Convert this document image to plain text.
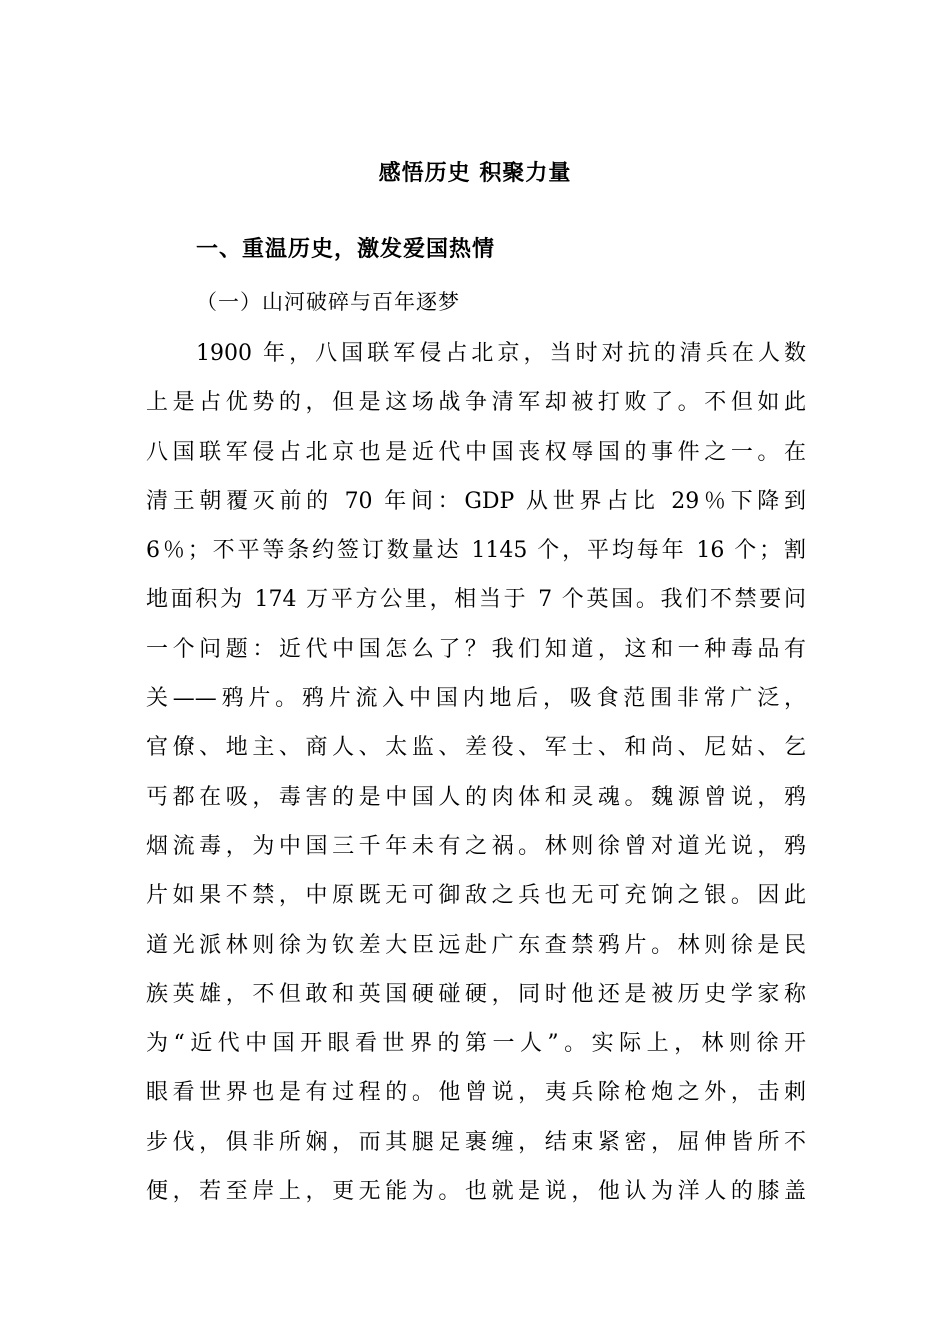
感悟历史 积聚力量
一、重温历史，激发爱国热情
（一）山河破碎与百年逐梦
1900 年，八国联军侵占北京，当时对抗的清兵在人数
上是占优势的，但是这场战争清军却被打败了。不但如此
八国联军侵占北京也是近代中国丧权辱国的事件之一。在
清王朝覆灭前的 70 年间：GDP 从世界占比 29％下降到
6％；不平等条约签订数量达 1145 个，平均每年 16 个；割
地面积为 174 万平方公里，相当于 7 个英国。我们不禁要问
一个问题：近代中国怎么了？我们知道，这和一种毒品有
关——鸦片。鸦片流入中国内地后，吸食范围非常广泛，
官僚、地主、商人、太监、差役、军士、和尚、尼姑、乞
丐都在吸，毒害的是中国人的肉体和灵魂。魏源曾说，鸦
烟流毒，为中国三千年未有之祸。林则徐曾对道光说，鸦
片如果不禁，中原既无可御敌之兵也无可充饷之银。因此
道光派林则徐为钦差大臣远赴广东查禁鸦片。林则徐是民
族英雄，不但敢和英国硬碰硬，同时他还是被历史学家称
为“近代中国开眼看世界的第一人”。实际上，林则徐开
眼看世界也是有过程的。他曾说，夷兵除枪炮之外，击刺
步伐，俱非所娴，而其腿足裹缠，结束紧密，屈伸皆所不
便，若至岸上，更无能为。也就是说，他认为洋人的膝盖
